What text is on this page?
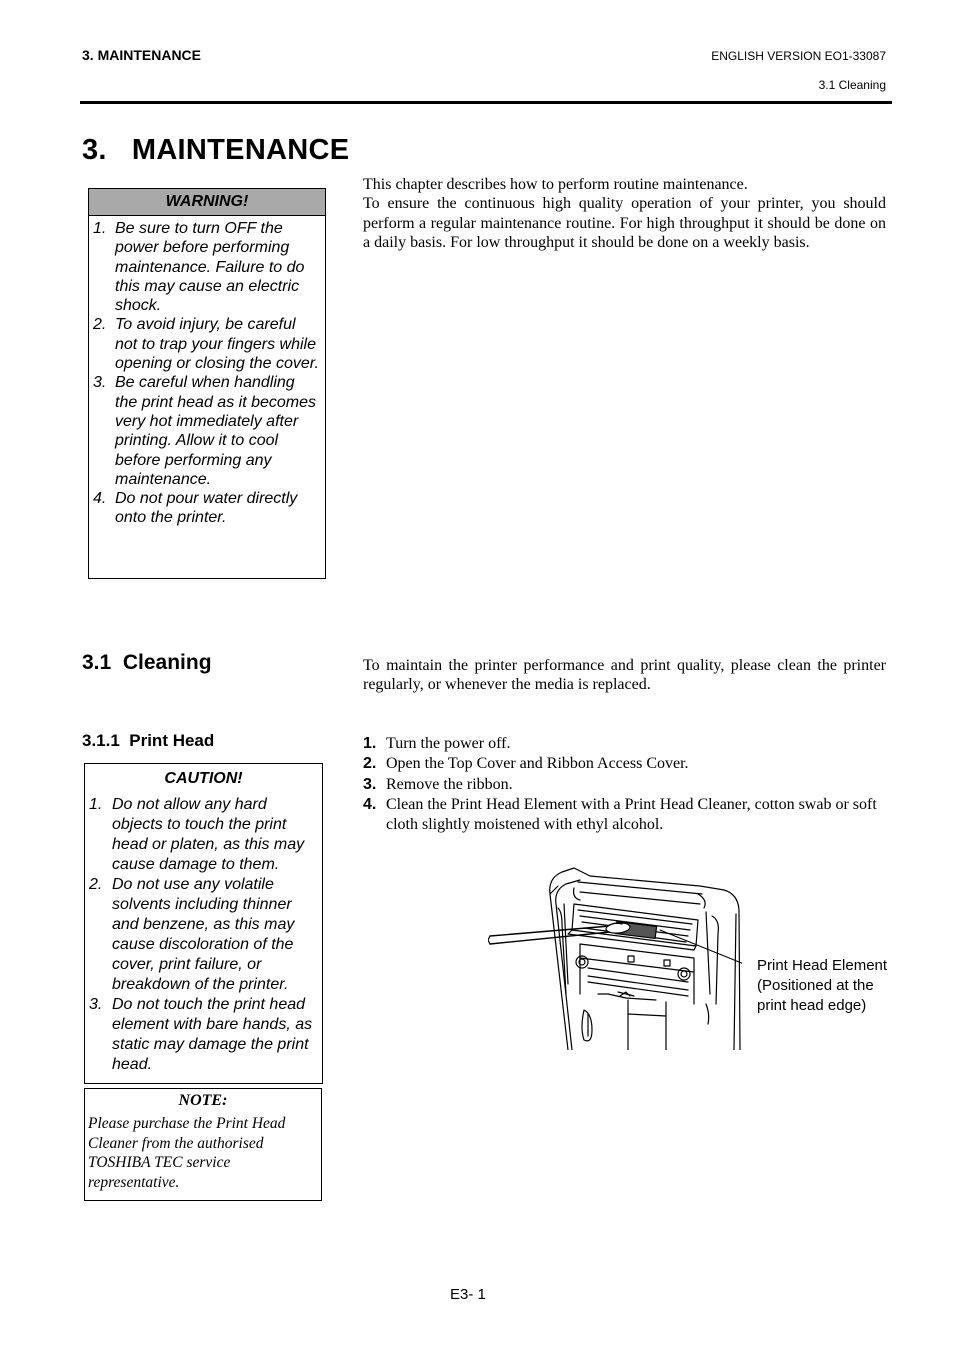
3. MAINTENANCE	ENGLISH VERSION EO1-33087
3.1 Cleaning
3.   MAINTENANCE
WARNING!
1. Be sure to turn OFF the power before performing maintenance. Failure to do this may cause an electric shock.
2. To avoid injury, be careful not to trap your fingers while opening or closing the cover.
3. Be careful when handling the print head as it becomes very hot immediately after printing. Allow it to cool before performing any maintenance.
4. Do not pour water directly onto the printer.

This chapter describes how to perform routine maintenance.

To ensure the continuous high quality operation of your printer, you should perform a regular maintenance routine. For high throughput it should be done on a daily basis. For low throughput it should be done on a weekly basis.

3.1  Cleaning	To maintain the printer performance and print quality, please clean the printer regularly, or whenever the media is replaced.
3.1.1  Print Head
CAUTION!
1. Do not allow any hard objects to touch the print head or platen, as this may cause damage to them.
2. Do not use any volatile solvents including thinner and benzene, as this may cause discoloration of the cover, print failure, or breakdown of the printer.
3. Do not touch the print head element with bare hands, as static may damage the print head.
NOTE:
Please purchase the Print Head Cleaner from the authorised TOSHIBA TEC service representative.
1. Turn the power off.
2. Open the Top Cover and Ribbon Access Cover.
3. Remove the ribbon.
4. Clean the Print Head Element with a Print Head Cleaner, cotton swab or soft cloth slightly moistened with ethyl alcohol.
Print Head Element
(Positioned at the
print head edge)
E3- 1
